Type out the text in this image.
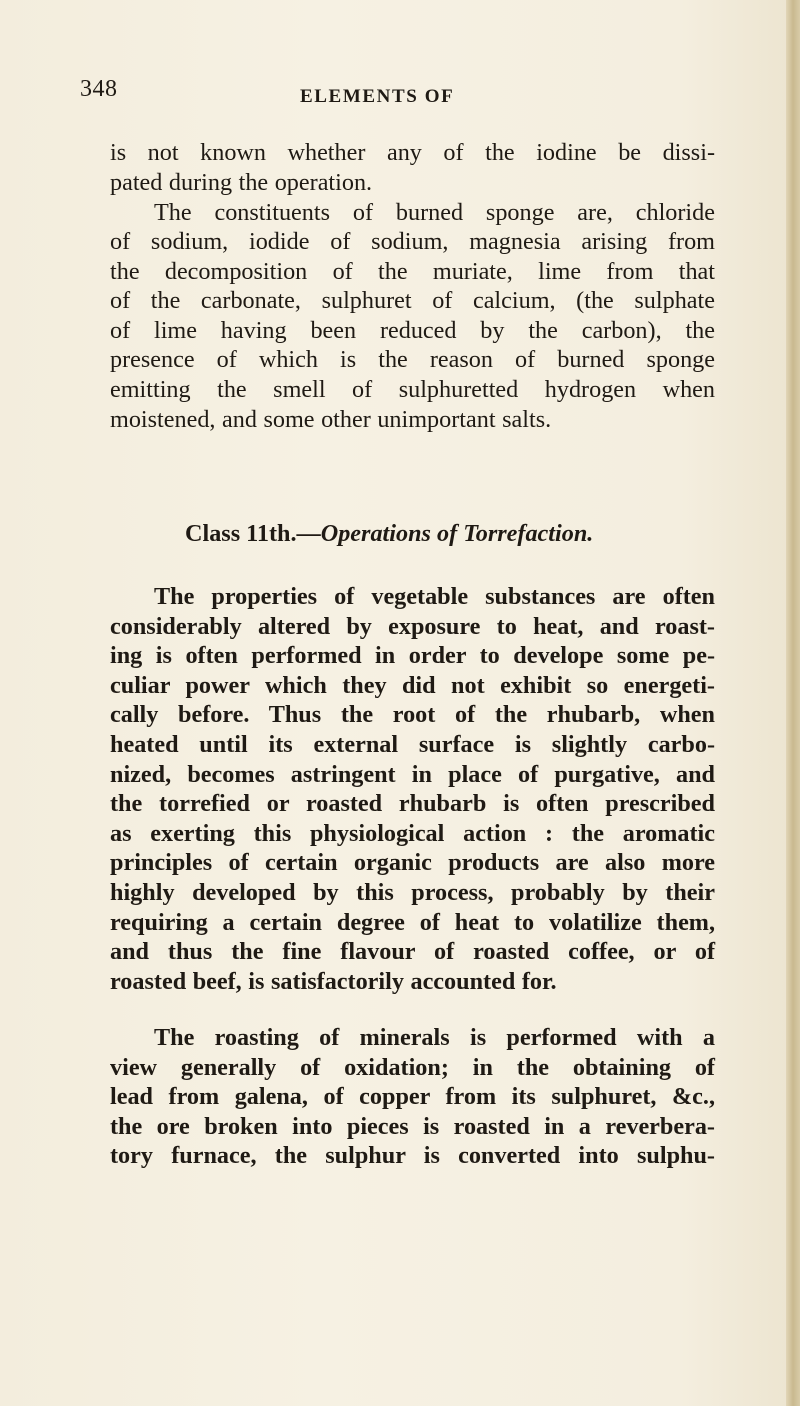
348	ELEMENTS OF
is not known whether any of the iodine be dissi-
pated during the operation.
The constituents of burned sponge are, chloride
of sodium, iodide of sodium, magnesia arising from
the decomposition of the muriate, lime from that
of the carbonate, sulphuret of calcium, (the sulphate
of lime having been reduced by the carbon), the
presence of which is the reason of burned sponge
emitting the smell of sulphuretted hydrogen when
moistened, and some other unimportant salts.
Class 11th.—Operations of Torrefaction.
The properties of vegetable substances are often
considerably altered by exposure to heat, and roast-
ing is often performed in order to develope some pe-
culiar power which they did not exhibit so energeti-
cally before. Thus the root of the rhubarb, when
heated until its external surface is slightly carbo-
nized, becomes astringent in place of purgative, and
the torrefied or roasted rhubarb is often prescribed
as exerting this physiological action : the aromatic
principles of certain organic products are also more
highly developed by this process, probably by their
requiring a certain degree of heat to volatilize them,
and thus the fine flavour of roasted coffee, or of
roasted beef, is satisfactorily accounted for.
The roasting of minerals is performed with a
view generally of oxidation; in the obtaining of
lead from galena, of copper from its sulphuret, &c.,
the ore broken into pieces is roasted in a reverbera-
tory furnace, the sulphur is converted into sulphu-
